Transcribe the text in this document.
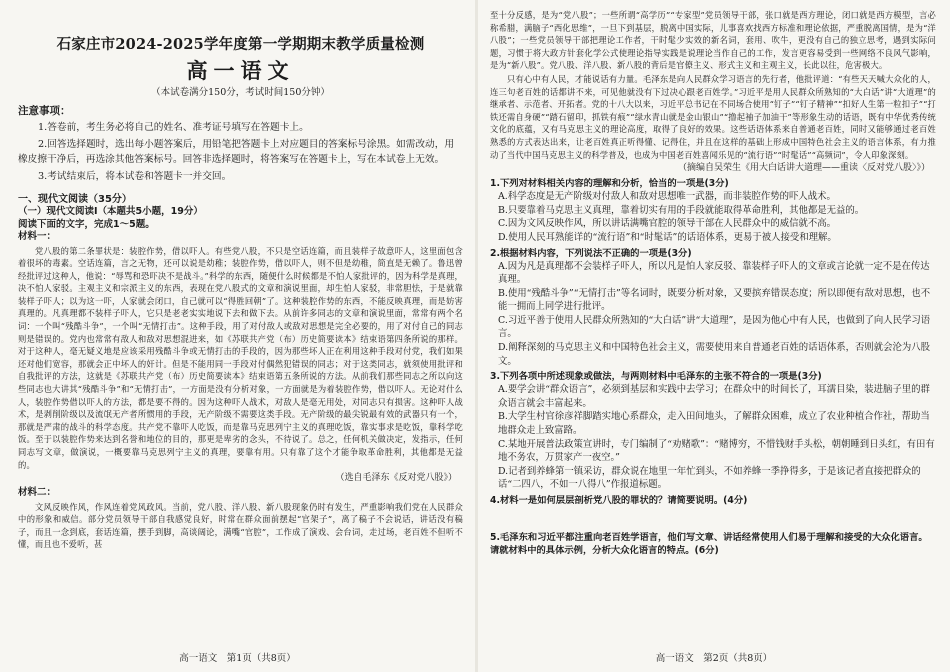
石家庄市2024-2025学年度第一学期期末教学质量检测
高一语文
（本试卷满分150分，考试时间150分钟）
注意事项：

1.答卷前，考生务必将自己的姓名、准考证号填写在答题卡上。

2.回答选择题时，选出每小题答案后，用铅笔把答题卡上对应题目的答案标号涂黑。如需改动，用橡皮擦干净后，再选涂其他答案标号。回答非选择题时，将答案写在答题卡上，写在本试卷上无效。

3.考试结束后，将本试卷和答题卡一并交回。

一、现代文阅读（35分）
（一）现代文阅读Ⅰ（本题共5小题，19分）
阅读下面的文字，完成1～5题。
材料一：

党八股的第二条罪状是：装腔作势，借以吓人。有些党八股，不只是空话连篇，而且装样子故意吓人，这里面包含着很坏的毒素。空话连篇，言之无物，还可以说是幼稚；装腔作势，借以吓人，则不但是幼稚，简直是无赖了。鲁迅曾经批评过这种人，他说：“辱骂和恐吓决不是战斗。”科学的东西，随便什么时候都是不怕人家批评的，因为科学是真理，决不怕人家驳。主观主义和宗派主义的东西，表现在党八股式的文章和演说里面，却生怕人家驳，非常胆怯，于是就靠装样子吓人；以为这一吓，人家就会闭口，自己就可以“得胜回朝”了。这种装腔作势的东西，不能反映真理，而是妨害真理的。凡真理都不装样子吓人，它只是老老实实地说下去和做下去。从前许多同志的文章和演说里面，常常有两个名词：一个叫“残酷斗争”，一个叫“无情打击”。这种手段，用了对付敌人或敌对思想是完全必要的，用了对付自己的同志则是错误的。党内也常常有敌人和敌对思想混进来，如《苏联共产党（布）历史简要读本》结束语第四条所说的那样。对于这种人，毫无疑义地是应该采用残酷斗争或无情打击的手段的，因为那些坏人正在利用这种手段对付党，我们如果还对他们宽容，那就会正中坏人的奸计。但是不能用同一手段对付偶然犯错误的同志；对于这类同志，就须使用批评和自我批评的方法，这就是《苏联共产党（布）历史简要读本》结束语第五条所说的方法。从前我们那些同志之所以向这些同志也大讲其“残酷斗争”和“无情打击”，一方面是没有分析对象，一方面就是为着装腔作势，借以吓人。无论对什么人，装腔作势借以吓人的方法，都是要不得的。因为这种吓人战术，对敌人是毫无用处，对同志只有损害。这种吓人战术，是剥削阶级以及流氓无产者所惯用的手段，无产阶级不需要这类手段。无产阶级的最尖锐最有效的武器只有一个，那就是严肃的战斗的科学态度。共产党不靠吓人吃饭，而是靠马克思列宁主义的真理吃饭，靠实事求是吃饭，靠科学吃饭。至于以装腔作势来达到名誉和地位的目的，那更是卑劣的念头，不待说了。总之，任何机关做决定，发指示，任何同志写文章，做演说，一概要靠马克思列宁主义的真理，要靠有用。只有靠了这个才能争取革命胜利，其他都是无益的。

（选自毛泽东《反对党八股》）
材料二：

文风反映作风，作风连着党风政风。当前，党八股、洋八股、新八股现象仍时有发生，严重影响我们党在人民群众中的形象和威信。部分党员领导干部自我感觉良好，时常在群众面前摆起“官架子”，离了稿子不会说话，讲话没有稿子，而且一念到底，套话连篇，摆手到脚，高谈阔论，满嘴“官腔”，工作成了演戏、会台词，走过场，老百姓不但听不懂，而且也不爱听，甚

高一语文　第1页（共8页）

至十分反感，是为“党八股”；一些所谓“高学历”“专家型”党员领导干部，张口就是西方理论，闭口就是西方模型，言必称希腊，满脑子“西化思维”，一旦下到基层，脱离中国实际，儿事喜欢找西方标准和理论依据，严重脱离国情，是为“洋八股”；一些党员领导干部把理论工作者，干时髦少实效的新名词，套用、吹牛，更没有自己的独立思考，遇到实际问题，习惯于将大政方针套化学公式使理论指导实践是说理论当作自己的工作，发言更容易受到一些网络不良风气影响，是为“新八股”。党八股、洋八股、新八股的背后是官僚主义、形式主义和主观主义，长此以往，危害极大。

只有心中有人民，才能说话有力量。毛泽东是向人民群众学习语言的先行者，他批评道：“有些天天喊大众化的人，连三句老百姓的话都讲不来，可见他就没有下过决心跟老百姓学。”习近平是用人民群众所熟知的“大白话”讲“大道理”的继承者、示范者、开拓者。党的十八大以来，习近平总书记在不同场合使用“钉子”“钉子精神”“扣好人生第一粒扣子”“打铁还需自身硬”“踏石留印，抓铁有痕”“绿水青山就是金山银山”“撸起袖子加油干”等形象生动的话语，既有中华优秀传统文化的底蕴，又有马克思主义的理论高度，取得了良好的效果。这些话语体系来自普通老百姓，同时又能够通过老百姓熟悉的方式表达出来，让老百姓真正听得懂、记得住，并且在这样的基础上形成中国特色社会主义的语言体系，有力推动了当代中国马克思主义的科学普及，也成为中国老百姓喜闻乐见的“流行语”“时髦话”“高频词”，令人印象深刻。

（摘编自吴荣生《用大白话讲大道理——重读〈反对党八股〉》）
1.下列对材料相关内容的理解和分析，恰当的一项是(3分)
A.科学态度是无产阶级对付敌人和敌对思想唯一武器，而非装腔作势的吓人战术。
B.只要靠着马克思主义真理，靠着切实有用的手段就能取得革命胜利，其他都是无益的。
C.因为文风反映作风，所以讲话满嘴官腔的领导干部在人民群众中的威信就不高。
D.使用人民耳熟能详的“流行语”和“时髦话”的话语体系，更易于被人接受和理解。
2.根据材料内容，下列说法不正确的一项是(3分)
A.因为凡是真理都不会装样子吓人，所以凡是怕人家反驳、靠装样子吓人的文章或言论就一定不是在传达真理。
B.使用“残酷斗争”“无情打击”等名词时，既要分析对象，又要摈弃错误态度；所以即便有敌对思想，也不能一拥而上同学进行批评。
C.习近平善于使用人民群众所熟知的“大白话”讲“大道理”，是因为他心中有人民，也做到了向人民学习语言。
D.阐释深刻的马克思主义和中国特色社会主义，需要使用来自普通老百姓的话语体系，否则就会沦为八股文。
3.下列各项中所述现象或做法，与两则材料中毛泽东的主张不符合的一项是(3分)
A.要学会讲“群众语言”，必须到基层和实践中去学习；在群众中的时间长了，耳濡目染，装进脑子里的群众语言就会丰富起来。
B.大学生村官徐彦祥脚踏实地心系群众，走入田间地头，了解群众困难，成立了农业种植合作社，帮助当地群众走上致富路。
C.某地开展普法政策宣讲时，专门编制了“劝赌歌”：“赌博穷，不惜钱财手头松，朝朝睡到日头红，有田有地不务农，万贯家产一夜空。”
D.记者到养蜂第一镇采访，群众说在地里一年忙到头，不如养蜂一季挣得多，于是该记者直接把群众的话“二四八，不如一八得八”作报道标题。
4.材料一是如何层层剖析党八股的罪状的？请简要说明。(4分)
5.毛泽东和习近平都注重向老百姓学语言，他们写文章、讲话经常使用人们易于理解和接受的大众化语言。请就材料中的具体示例，分析大众化语言的特点。(6分)
高一语文　第2页（共8页）
